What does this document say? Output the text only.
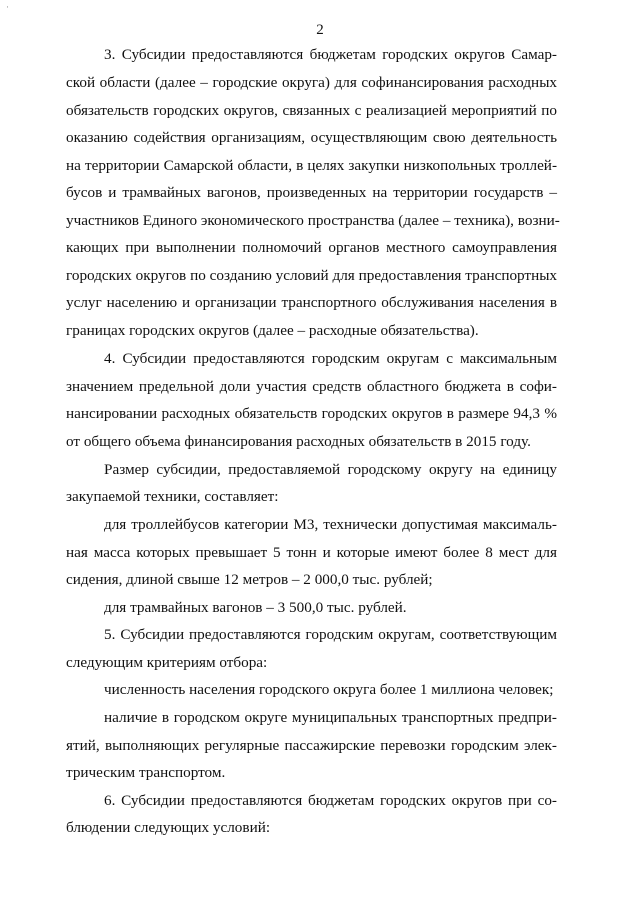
·
2
3. Субсидии предоставляются бюджетам городских округов Самар-
ской области (далее – городские округа) для софинансирования расходных
обязательств городских округов, связанных с реализацией мероприятий по
оказанию содействия организациям, осуществляющим свою деятельность
на территории Самарской области, в целях закупки низкопольных троллей-
бусов и трамвайных вагонов, произведенных на территории государств –
участников Единого экономического пространства (далее – техника), возни-
кающих при выполнении полномочий органов местного самоуправления
городских округов по созданию условий для предоставления транспортных
услуг населению и организации транспортного обслуживания населения в
границах городских округов (далее – расходные обязательства).
4. Субсидии предоставляются городским округам с максимальным
значением предельной доли участия средств областного бюджета в софи-
нансировании расходных обязательств городских округов в размере 94,3 %
от общего объема финансирования расходных обязательств в 2015 году.
Размер субсидии, предоставляемой городскому округу на единицу
закупаемой техники, составляет:
для троллейбусов категории М3, технически допустимая максималь-
ная масса которых превышает 5 тонн и которые имеют более 8 мест для
сидения, длиной свыше 12 метров – 2 000,0 тыс. рублей;
для трамвайных вагонов – 3 500,0 тыс. рублей.
5. Субсидии предоставляются городским округам, соответствующим
следующим критериям отбора:
численность населения городского округа более 1 миллиона человек;
наличие в городском округе муниципальных транспортных предпри-
ятий, выполняющих регулярные пассажирские перевозки городским элек-
трическим транспортом.
6. Субсидии предоставляются бюджетам городских округов при со-
блюдении следующих условий:
